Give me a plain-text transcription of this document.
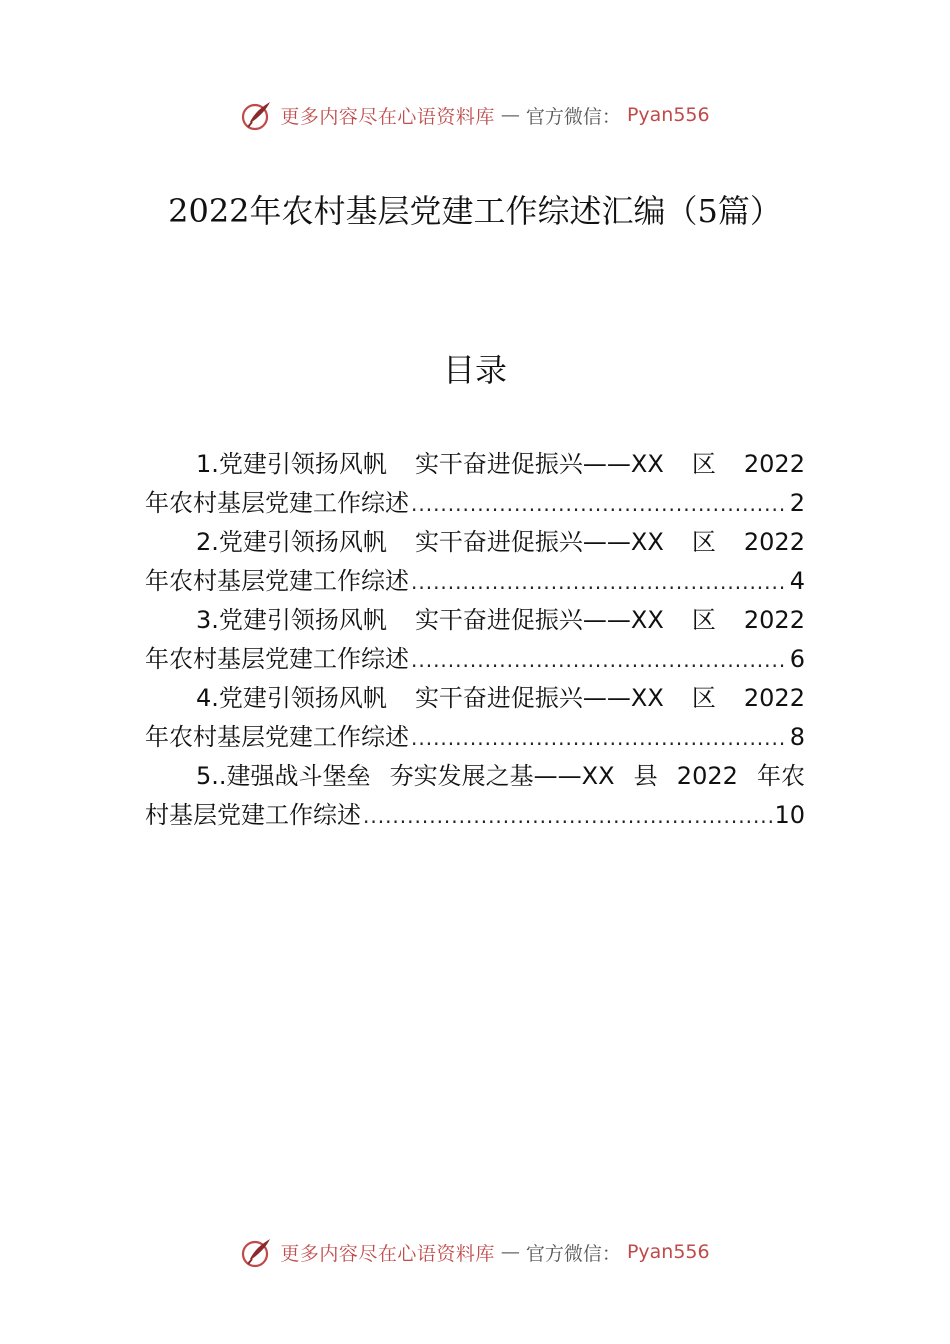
更多内容尽在心语资料库 — 官方微信： Pyan556
2022年农村基层党建工作综述汇编（5篇）
目录
1.党建引领扬风帆 实干奋进促振兴——XX 区 2022
年农村基层党建工作综述 .....	2
2.党建引领扬风帆 实干奋进促振兴——XX 区 2022
年农村基层党建工作综述 .....	4
3.党建引领扬风帆 实干奋进促振兴——XX 区 2022
年农村基层党建工作综述 .....	6
4.党建引领扬风帆 实干奋进促振兴——XX 区 2022
年农村基层党建工作综述 .....	8
5..建强战斗堡垒 夯实发展之基——XX 县 2022 年农
村基层党建工作综述 .....	10
更多内容尽在心语资料库 — 官方微信： Pyan556
